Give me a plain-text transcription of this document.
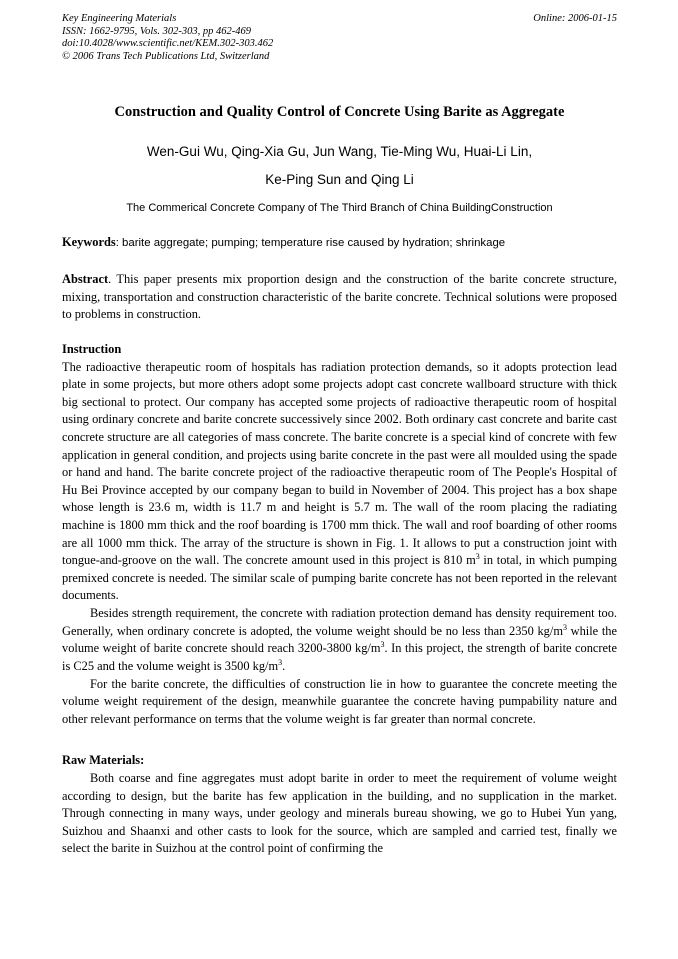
Key Engineering Materials
ISSN: 1662-9795, Vols. 302-303, pp 462-469
doi:10.4028/www.scientific.net/KEM.302-303.462
© 2006 Trans Tech Publications Ltd, Switzerland
Online: 2006-01-15
Construction and Quality Control of Concrete Using Barite as Aggregate
Wen-Gui Wu, Qing-Xia Gu, Jun Wang, Tie-Ming Wu, Huai-Li Lin,
Ke-Ping Sun and Qing Li
The Commerical Concrete Company of The Third Branch of China BuildingConstruction

Keywords: barite aggregate; pumping; temperature rise caused by hydration; shrinkage

Abstract. This paper presents mix proportion design and the construction of the barite concrete structure, mixing, transportation and construction characteristic of the barite concrete. Technical solutions were proposed to problems in construction.

Instruction

The radioactive therapeutic room of hospitals has radiation protection demands, so it adopts protection lead plate in some projects, but more others adopt some projects adopt cast concrete wallboard structure with thick big sectional to protect. Our company has accepted some projects of radioactive therapeutic room of hospital using ordinary concrete and barite concrete successively since 2002. Both ordinary cast concrete and barite cast concrete structure are all categories of mass concrete. The barite concrete is a special kind of concrete with few application in general condition, and projects using barite concrete in the past were all moulded using the spade or hand and hand. The barite concrete project of the radioactive therapeutic room of The People's Hospital of Hu Bei Province accepted by our company began to build in November of 2004. This project has a box shape whose length is 23.6 m, width is 11.7 m and height is 5.7 m. The wall of the room placing the radiating machine is 1800 mm thick and the roof boarding is 1700 mm thick. The wall and roof boarding of other rooms are all 1000 mm thick. The array of the structure is shown in Fig. 1. It allows to put a construction joint with tongue-and-groove on the wall. The concrete amount used in this project is 810 $m^3$ in total, in which pumping premixed concrete is needed. The similar scale of pumping barite concrete has not been reported in the relevant documents.

Besides strength requirement, the concrete with radiation protection demand has density requirement too. Generally, when ordinary concrete is adopted, the volume weight should be no less than 2350 $kg/m^3$ while the volume weight of barite concrete should reach 3200-3800 $kg/m^3$. In this project, the strength of barite concrete is C25 and the volume weight is 3500 $kg/m^3$.

For the barite concrete, the difficulties of construction lie in how to guarantee the concrete meeting the volume weight requirement of the design, meanwhile guarantee the concrete having pumpability nature and other relevant performance on terms that the volume weight is far greater than normal concrete.

Raw Materials:

Both coarse and fine aggregates must adopt barite in order to meet the requirement of volume weight according to design, but the barite has few application in the building, and no supplication in the market. Through connecting in many ways, under geology and minerals bureau showing, we go to Hubei Yun yang, Suizhou and Shaanxi and other casts to look for the source, which are sampled and carried test, finally we select the barite in Suizhou at the control point of confirming the
